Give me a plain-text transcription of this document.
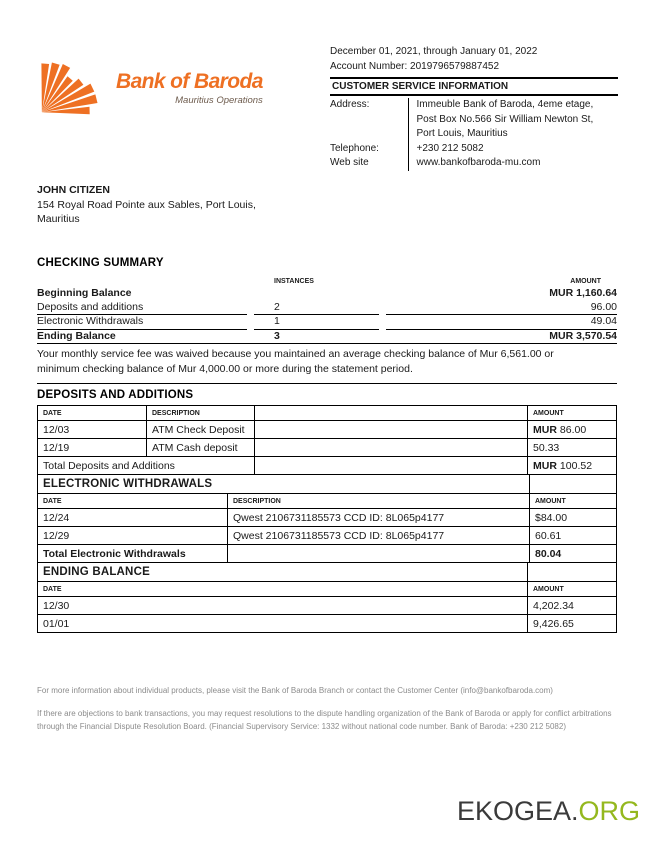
Bank of Baroda
Mauritius Operations
December 01, 2021, through January 01, 2022
Account Number: 2019796579887452
CUSTOMER SERVICE INFORMATION
Address:	Immeuble Bank of Baroda, 4eme etage,
Post Box No.566 Sir William Newton St,
Port Louis, Mauritius

Telephone:	+230 212 5082
Web site	www.bankofbaroda-mu.com
JOHN CITIZEN
154 Royal Road Pointe aux Sables, Port Louis,
Mauritius
CHECKING SUMMARY
INSTANCES	AMOUNT
Beginning Balance	MUR 1,160.64
Deposits and additions	2	96.00
Electronic Withdrawals	1	49.04
Ending Balance	3	MUR 3,570.54
Your monthly service fee was waived because you maintained an average checking balance of Mur 6,561.00 or
minimum checking balance of Mur 4,000.00 or more during the statement period.
DEPOSITS AND ADDITIONS
DATE	DESCRIPTION		AMOUNT
12/03	ATM Check Deposit		MUR 86.00
12/19	ATM Cash deposit		50.33
Total Deposits and Additions			MUR 100.52
ELECTRONIC WITHDRAWALS		
DATE	DESCRIPTION	AMOUNT
12/24	Qwest 2106731185573 CCD ID: 8L065p4177	$84.00
12/29	Qwest 2106731185573 CCD ID: 8L065p4177	60.61
Total Electronic Withdrawals		80.04
ENDING BALANCE	
DATE	AMOUNT
12/30	4,202.34
01/01	9,426.65

For more information about individual products, please visit the Bank of Baroda Branch or contact the Customer Center (info@bankofbaroda.com)

If there are objections to bank transactions, you may request resolutions to the dispute handling organization of the Bank of Baroda or apply for conflict arbitrations through the Financial Dispute Resolution Board. (Financial Supervisory Service: 1332 without national code number. Bank of Baroda: +230 212 5082)

EKOGEA.ORG
